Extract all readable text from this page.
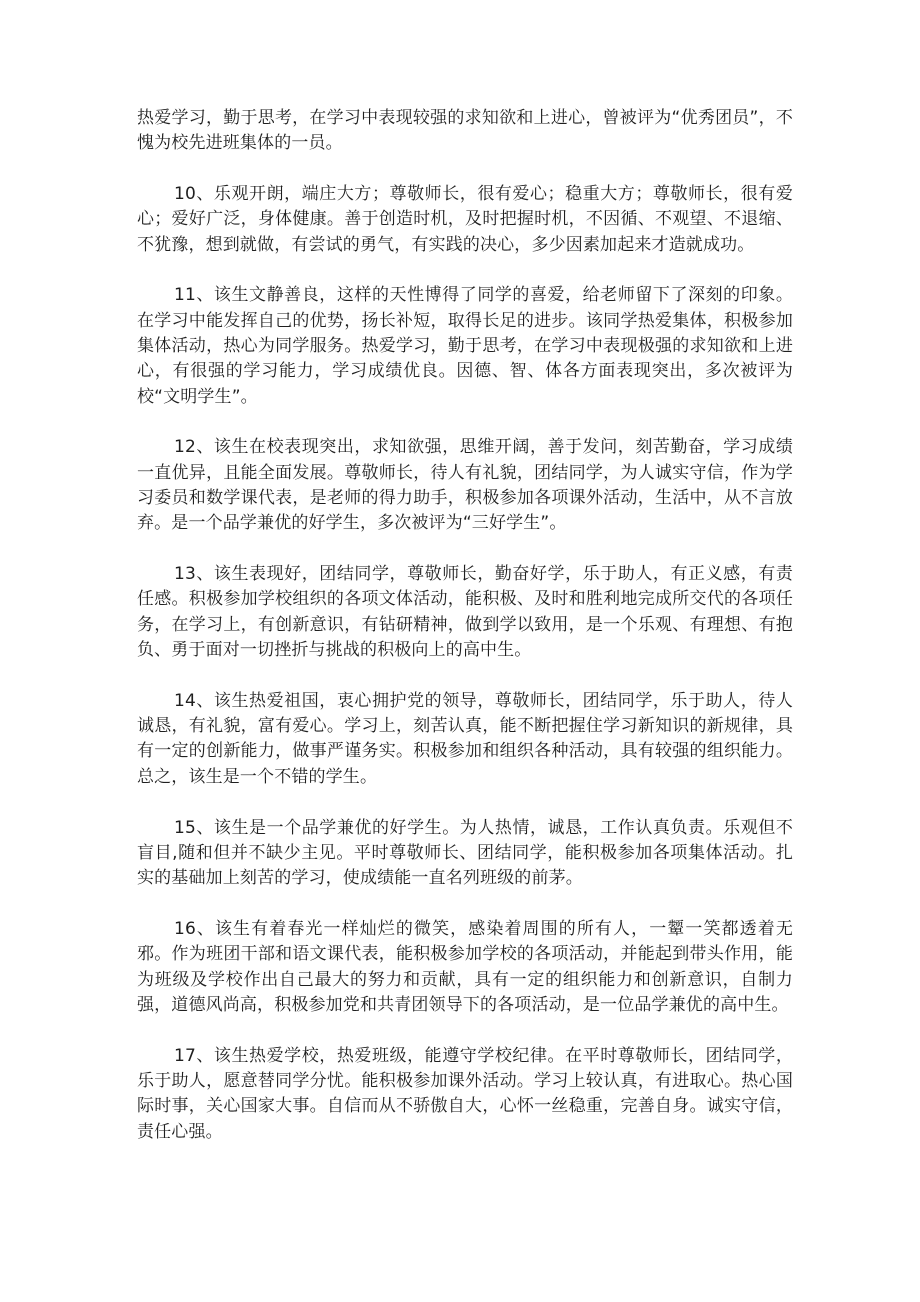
热爱学习，勤于思考，在学习中表现较强的求知欲和上进心，曾被评为“优秀团员”，不愧为校先进班集体的一员。

10、乐观开朗，端庄大方；尊敬师长，很有爱心；稳重大方；尊敬师长，很有爱心；爱好广泛，身体健康。善于创造时机，及时把握时机，不因循、不观望、不退缩、不犹豫，想到就做，有尝试的勇气，有实践的决心，多少因素加起来才造就成功。

11、该生文静善良，这样的天性博得了同学的喜爱，给老师留下了深刻的印象。在学习中能发挥自己的优势，扬长补短，取得长足的进步。该同学热爱集体，积极参加集体活动，热心为同学服务。热爱学习，勤于思考，在学习中表现极强的求知欲和上进心，有很强的学习能力，学习成绩优良。因德、智、体各方面表现突出，多次被评为校“文明学生”。

12、该生在校表现突出，求知欲强，思维开阔，善于发问，刻苦勤奋，学习成绩一直优异，且能全面发展。尊敬师长，待人有礼貌，团结同学，为人诚实守信，作为学习委员和数学课代表，是老师的得力助手，积极参加各项课外活动，生活中，从不言放弃。是一个品学兼优的好学生，多次被评为“三好学生”。

13、该生表现好，团结同学，尊敬师长，勤奋好学，乐于助人，有正义感，有责任感。积极参加学校组织的各项文体活动，能积极、及时和胜利地完成所交代的各项任务，在学习上，有创新意识，有钻研精神，做到学以致用，是一个乐观、有理想、有抱负、勇于面对一切挫折与挑战的积极向上的高中生。

14、该生热爱祖国，衷心拥护党的领导，尊敬师长，团结同学，乐于助人，待人诚恳，有礼貌，富有爱心。学习上，刻苦认真，能不断把握住学习新知识的新规律，具有一定的创新能力，做事严谨务实。积极参加和组织各种活动，具有较强的组织能力。总之，该生是一个不错的学生。

15、该生是一个品学兼优的好学生。为人热情，诚恳，工作认真负责。乐观但不盲目,随和但并不缺少主见。平时尊敬师长、团结同学，能积极参加各项集体活动。扎实的基础加上刻苦的学习，使成绩能一直名列班级的前茅。

16、该生有着春光一样灿烂的微笑，感染着周围的所有人，一颦一笑都透着无邪。作为班团干部和语文课代表，能积极参加学校的各项活动，并能起到带头作用，能为班级及学校作出自己最大的努力和贡献，具有一定的组织能力和创新意识，自制力强，道德风尚高，积极参加党和共青团领导下的各项活动，是一位品学兼优的高中生。

17、该生热爱学校，热爱班级，能遵守学校纪律。在平时尊敬师长，团结同学，乐于助人，愿意替同学分忧。能积极参加课外活动。学习上较认真，有进取心。热心国际时事，关心国家大事。自信而从不骄傲自大，心怀一丝稳重，完善自身。诚实守信，责任心强。
